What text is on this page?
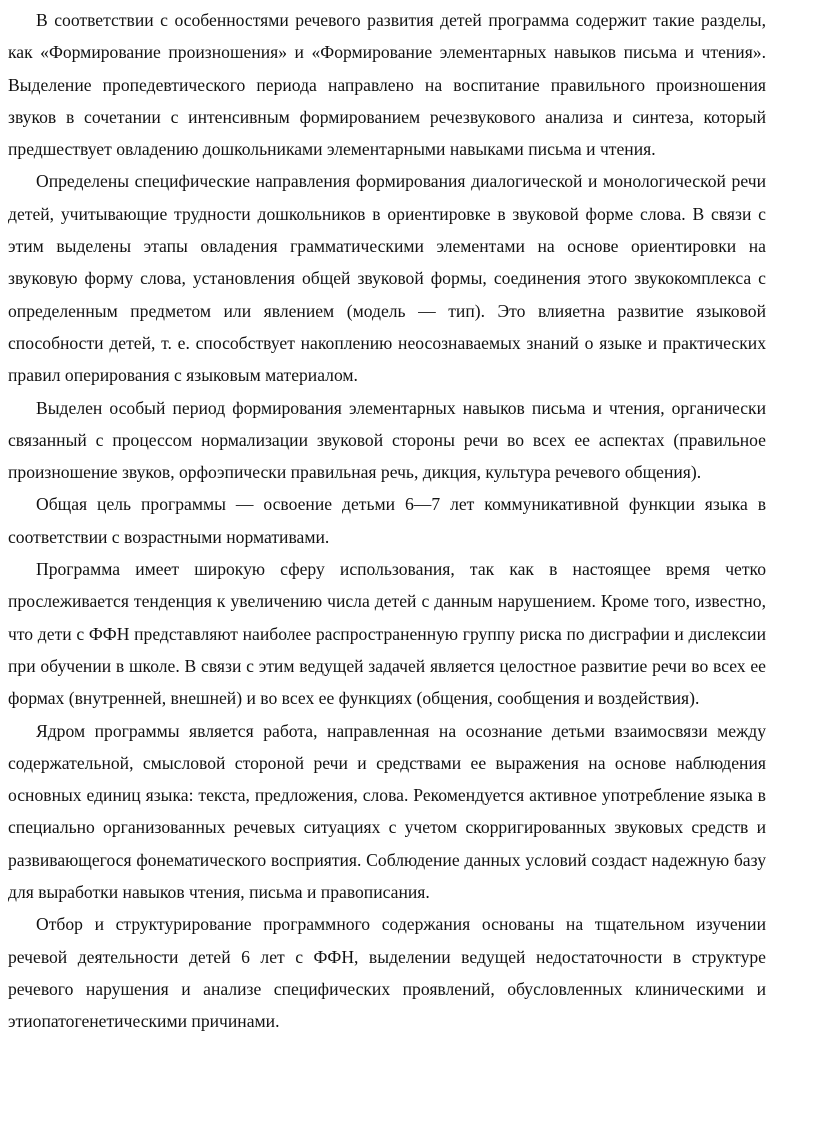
В соответствии с особенностями речевого развития детей программа содержит такие разделы, как «Формирование произношения» и «Формирование элементарных навыков письма и чтения». Выделение пропедевтического периода направлено на воспитание правильного произношения звуков в сочетании с интенсивным формированием речезвукового анализа и синтеза, который предшествует овладению дошкольниками элементарными навыками письма и чтения.

Определены специфические направления формирования диалогической и монологической речи детей, учитывающие трудности дошкольников в ориентировке в звуковой форме слова. В связи с этим выделены этапы овладения грамматическими элементами на основе ориентировки на звуковую форму слова, установления общей звуковой формы, соединения этого звукокомплекса с определенным предметом или явлением (модель — тип). Это влияетна развитие языковой способности детей, т. е. способствует накоплению неосознаваемых знаний о языке и практических правил оперирования с языковым материалом.

Выделен особый период формирования элементарных навыков письма и чтения, органически связанный с процессом нормализации звуковой стороны речи во всех ее аспектах (правильное произношение звуков, орфоэпически правильная речь, дикция, культура речевого общения).

Общая цель программы — освоение детьми 6—7 лет коммуникативной функции языка в соответствии с возрастными нормативами.

Программа имеет широкую сферу использования, так как в настоящее время четко прослеживается тенденция к увеличению числа детей с данным нарушением. Кроме того, известно, что дети с ФФН представляют наиболее распространенную группу риска по дисграфии и дислексии при обучении в школе. В связи с этим ведущей задачей является целостное развитие речи во всех ее формах (внутренней, внешней) и во всех ее функциях (общения, сообщения и воздействия).

Ядром программы является работа, направленная на осознание детьми взаимосвязи между содержательной, смысловой стороной речи и средствами ее выражения на основе наблюдения основных единиц языка: текста, предложения, слова. Рекомендуется активное употребление языка в специально организованных речевых ситуациях с учетом скорригированных звуковых средств и развивающегося фонематического восприятия. Соблюдение данных условий создаст надежную базу для выработки навыков чтения, письма и правописания.

Отбор и структурирование программного содержания основаны на тщательном изучении речевой деятельности детей 6 лет с ФФН, выделении ведущей недостаточности в структуре речевого нарушения и анализе специфических проявлений, обусловленных клиническими и этиопатогенетическими причинами.
